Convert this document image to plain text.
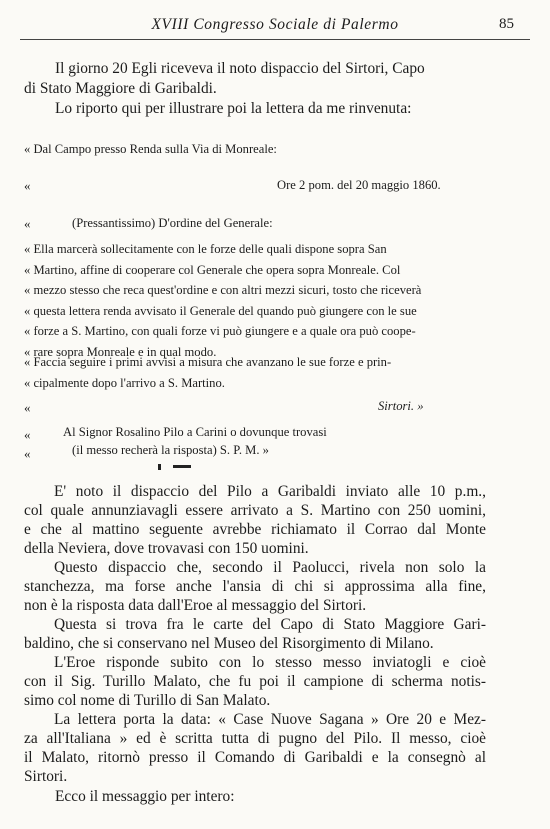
XVIII Congresso Sociale di Palermo	85
Il giorno 20 Egli riceveva il noto dispaccio del Sirtori, Capo
di Stato Maggiore di Garibaldi.
Lo riporto qui per illustrare poi la lettera da me rinvenuta:
« Dal Campo presso Renda sulla Via di Monreale:
«	Ore 2 pom. del 20 maggio 1860.
«	(Pressantissimo) D'ordine del Generale:
« Ella marcerà sollecitamente con le forze delle quali dispone sopra San
« Martino, affine di cooperare col Generale che opera sopra Monreale. Col
« mezzo stesso che reca quest'ordine e con altri mezzi sicuri, tosto che riceverà
« questa lettera renda avvisato il Generale del quando può giungere con le sue
« forze a S. Martino, con quali forze vi può giungere e a quale ora può coope-
« rare sopra Monreale e in qual modo.
« Faccia seguire i primi avvisi a misura che avanzano le sue forze e prin-
« cipalmente dopo l'arrivo a S. Martino.
«	Sirtori. »
«	Al Signor Rosalino Pilo a Carini o dovunque trovasi
«	(il messo recherà la risposta) S. P. M. »
E' noto il dispaccio del Pilo a Garibaldi inviato alle 10 p.m.,
col quale annunziavagli essere arrivato a S. Martino con 250 uomini,
e che al mattino seguente avrebbe richiamato il Corrao dal Monte
della Neviera, dove trovavasi con 150 uomini.
Questo dispaccio che, secondo il Paolucci, rivela non solo la
stanchezza, ma forse anche l'ansia di chi si approssima alla fine,
non è la risposta data dall'Eroe al messaggio del Sirtori.
Questa si trova fra le carte del Capo di Stato Maggiore Gari-
baldino, che si conservano nel Museo del Risorgimento di Milano.
L'Eroe risponde subito con lo stesso messo inviatogli e cioè
con il Sig. Turillo Malato, che fu poi il campione di scherma notis-
simo col nome di Turillo di San Malato.
La lettera porta la data: « Case Nuove Sagana » Ore 20 e Mez-
za all'Italiana » ed è scritta tutta di pugno del Pilo. Il messo, cioè
il Malato, ritornò presso il Comando di Garibaldi e la consegnò al
Sirtori.
Ecco il messaggio per intero:
